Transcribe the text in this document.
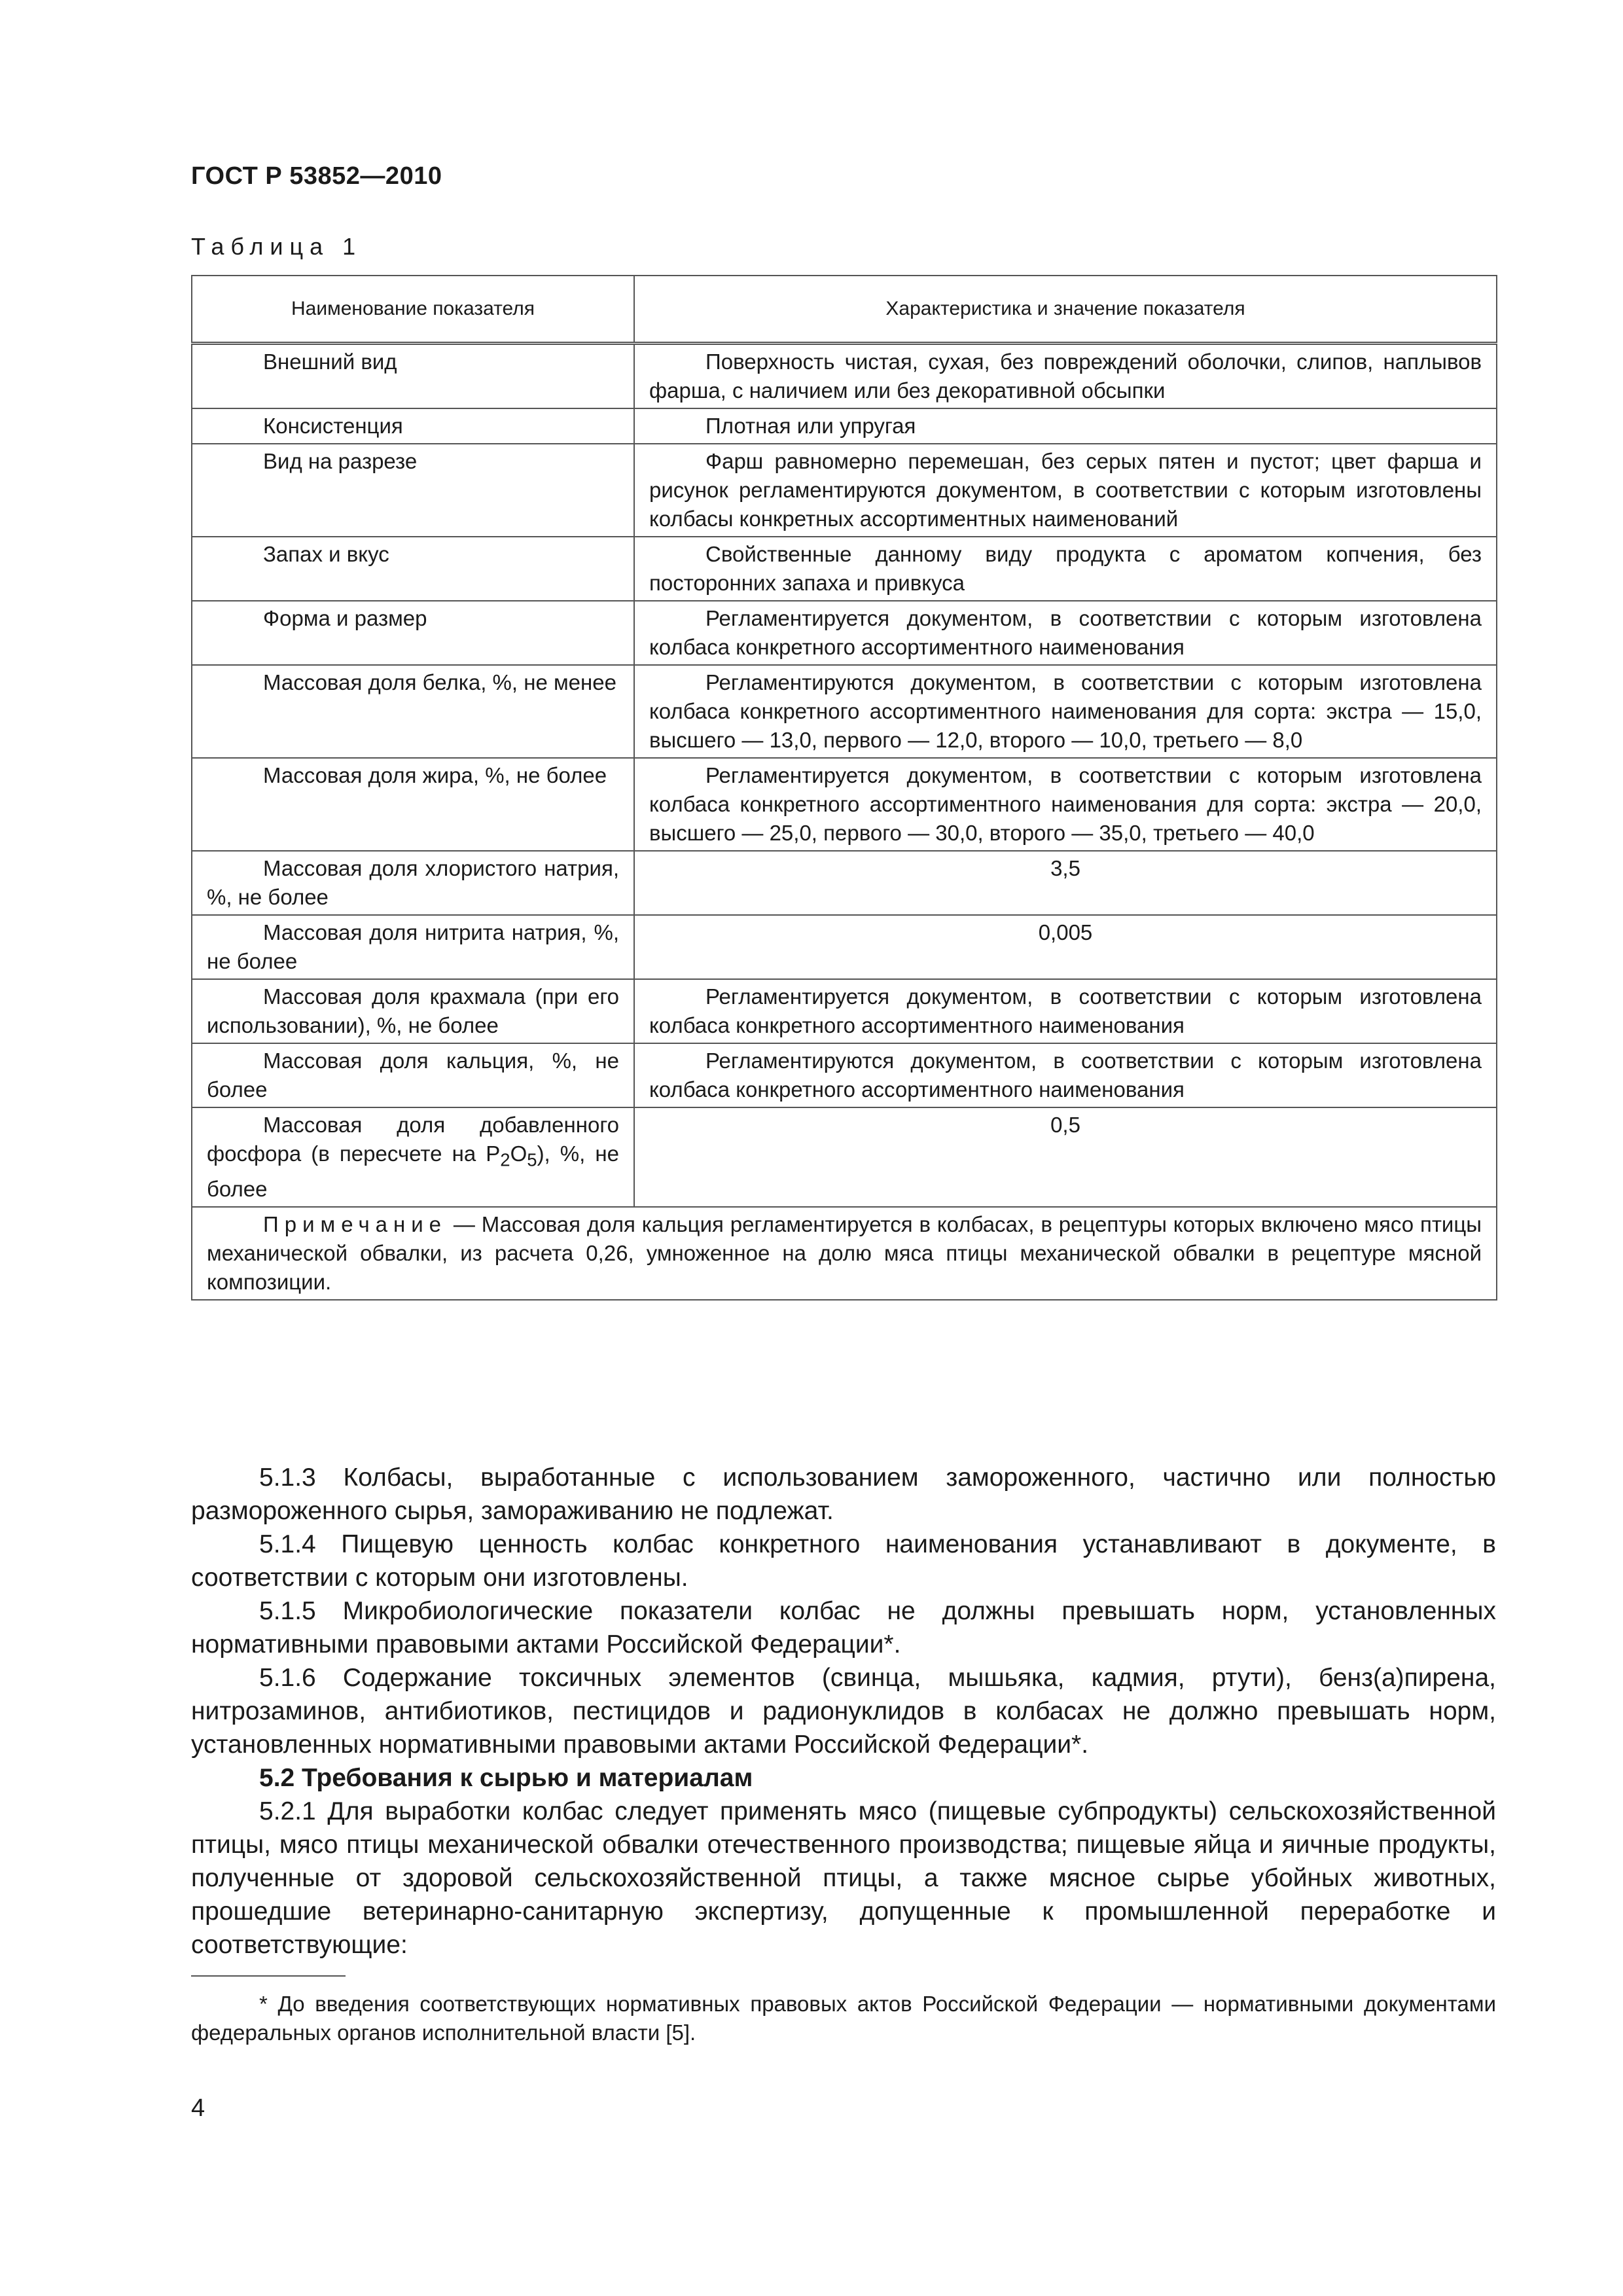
ГОСТ Р 53852—2010
Таблица 1
Наименование показателя	Характеристика и значение показателя
Внешний вид	Поверхность чистая, сухая, без повреждений оболочки, слипов, наплывов фарша, с наличием или без декоративной обсыпки
Консистенция	Плотная или упругая
Вид на разрезе	Фарш равномерно перемешан, без серых пятен и пустот; цвет фарша и рисунок регламентируются документом, в соответствии с которым изготовлены колбасы конкретных ассортиментных наименований
Запах и вкус	Свойственные данному виду продукта с ароматом копчения, без посторонних запаха и привкуса
Форма и размер	Регламентируется документом, в соответствии с которым изготовлена колбаса конкретного ассортиментного наименования
Массовая доля белка, %, не менее	Регламентируются документом, в соответствии с которым изготовлена колбаса конкретного ассортиментного наименования для сорта: экстра — 15,0, высшего — 13,0, первого — 12,0, второго — 10,0, третьего — 8,0
Массовая доля жира, %, не более	Регламентируется документом, в соответствии с которым изготовлена колбаса конкретного ассортиментного наименования для сорта: экстра — 20,0, высшего — 25,0, первого — 30,0, второго — 35,0, третьего — 40,0
Массовая доля хлористого натрия, %, не более	3,5
Массовая доля нитрита натрия, %, не более	0,005
Массовая доля крахмала (при его использовании), %, не более	Регламентируется документом, в соответствии с которым изготовлена колбаса конкретного ассортиментного наименования
Массовая доля кальция, %, не более	Регламентируются документом, в соответствии с которым изготовлена колбаса конкретного ассортиментного наименования
Массовая доля добавленного фосфора (в пересчете на $P_2O_5$), %, не более	0,5
Примечание — Массовая доля кальция регламентируется в колбасах, в рецептуры которых включено мясо птицы механической обвалки, из расчета 0,26, умноженное на долю мяса птицы механической обвалки в рецептуре мясной композиции.	

5.1.3 Колбасы, выработанные с использованием замороженного, частично или полностью размороженного сырья, замораживанию не подлежат.

5.1.4 Пищевую ценность колбас конкретного наименования устанавливают в документе, в соответствии с которым они изготовлены.

5.1.5 Микробиологические показатели колбас не должны превышать норм, установленных нормативными правовыми актами Российской Федерации*.

5.1.6 Содержание токсичных элементов (свинца, мышьяка, кадмия, ртути), бенз(а)пирена, нитрозаминов, антибиотиков, пестицидов и радионуклидов в колбасах не должно превышать норм, установленных нормативными правовыми актами Российской Федерации*.

5.2 Требования к сырью и материалам

5.2.1 Для выработки колбас следует применять мясо (пищевые субпродукты) сельскохозяйственной птицы, мясо птицы механической обвалки отечественного производства; пищевые яйца и яичные продукты, полученные от здоровой сельскохозяйственной птицы, а также мясное сырье убойных животных, прошедшие ветеринарно-санитарную экспертизу, допущенные к промышленной переработке и соответствующие:

* До введения соответствующих нормативных правовых актов Российской Федерации — нормативными документами федеральных органов исполнительной власти [5].
4
